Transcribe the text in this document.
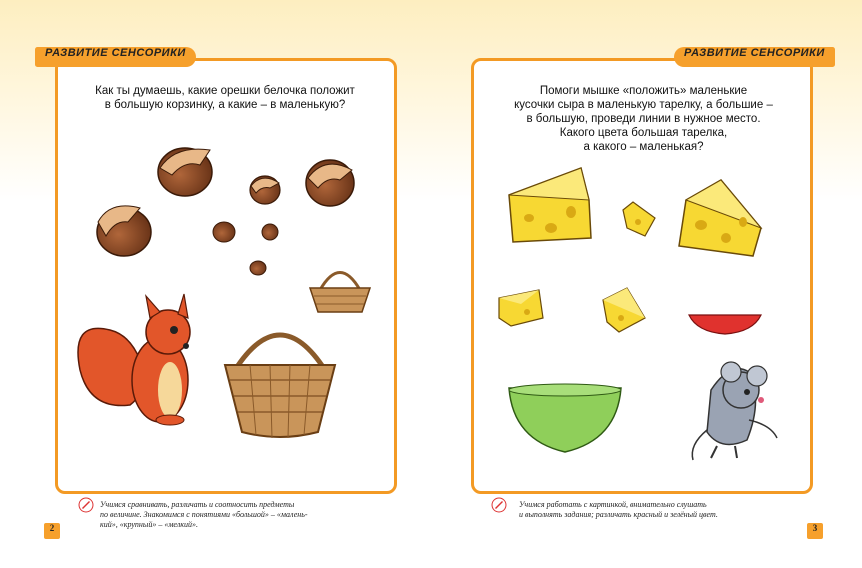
РАЗВИТИЕ СЕНСОРИКИ
Как ты думаешь, какие орешки белочка положит
в большую корзинку, а какие – в маленькую?
Учимся сравнивать, различать и соотносить предметы
по величине. Знакомимся с понятиями «большой» – «малень-
кий», «крупный» – «мелкий».
2
РАЗВИТИЕ СЕНСОРИКИ
Помоги мышке «положить» маленькие
кусочки сыра в маленькую тарелку, а большие –
в большую, проведи линии в нужное место.
Какого цвета большая тарелка,
а какого – маленькая?
Учимся работать с картинкой, внимательно слушать
и выполнять задания; различать красный и зелёный цвет.
3
